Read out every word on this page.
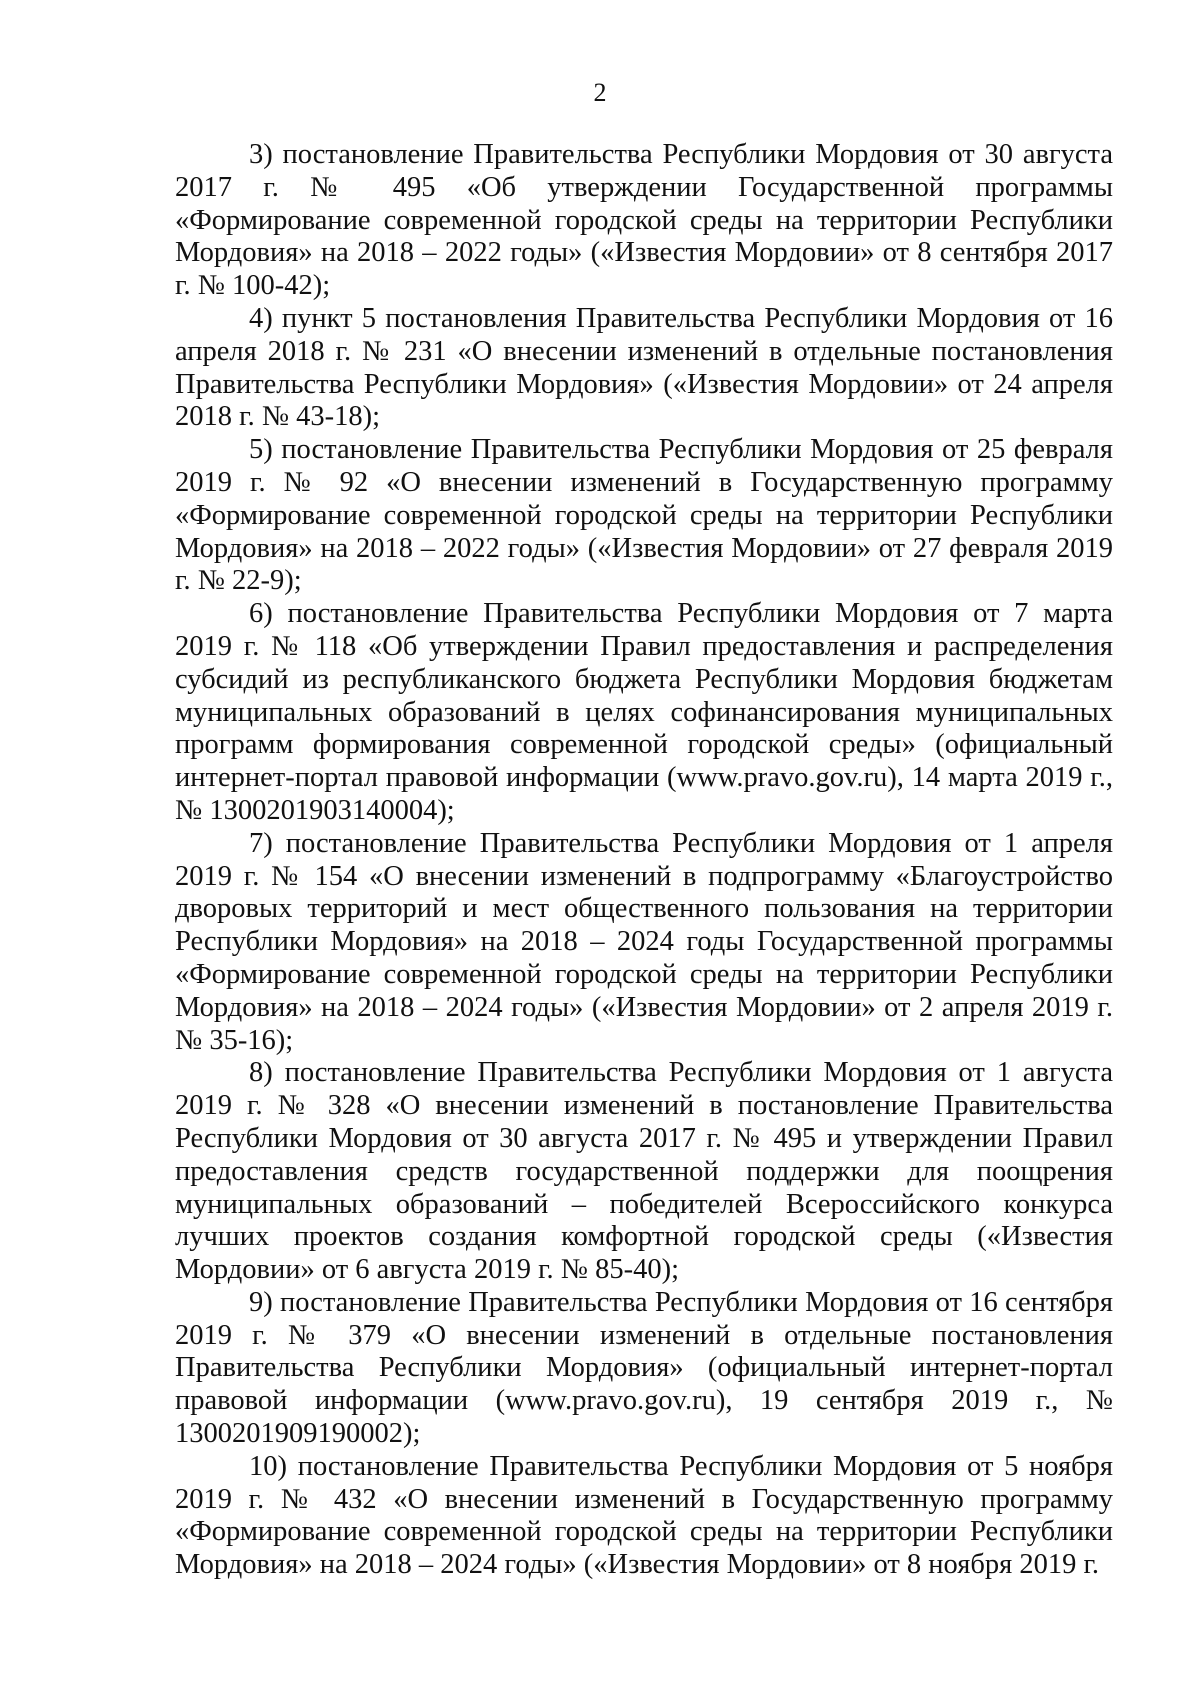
2

3) постановление Правительства Республики Мордовия от 30 августа 2017 г. № 495 «Об утверждении Государственной программы «Формирование современной городской среды на территории Республики Мордовия» на 2018 – 2022 годы» («Известия Мордовии» от 8 сентября 2017 г. № 100-42);

4) пункт 5 постановления Правительства Республики Мордовия от 16 апреля 2018 г. № 231 «О внесении изменений в отдельные постановления Правительства Республики Мордовия» («Известия Мордовии» от 24 апреля 2018 г. № 43-18);

5) постановление Правительства Республики Мордовия от 25 февраля 2019 г. № 92 «О внесении изменений в Государственную программу «Формирование современной городской среды на территории Республики Мордовия» на 2018 – 2022 годы» («Известия Мордовии» от 27 февраля 2019 г. № 22-9);

6) постановление Правительства Республики Мордовия от 7 марта 2019 г. № 118 «Об утверждении Правил предоставления и распределения субсидий из республиканского бюджета Республики Мордовия бюджетам муниципальных образований в целях софинансирования муниципальных программ формирования современной городской среды» (официальный интернет-портал правовой информации (www.pravo.gov.ru), 14 марта 2019 г., № 1300201903140004);

7) постановление Правительства Республики Мордовия от 1 апреля 2019 г. № 154 «О внесении изменений в подпрограмму «Благоустройство дворовых территорий и мест общественного пользования на территории Республики Мордовия» на 2018 – 2024 годы Государственной программы «Формирование современной городской среды на территории Республики Мордовия» на 2018 – 2024 годы» («Известия Мордовии» от 2 апреля 2019 г. № 35-16);

8) постановление Правительства Республики Мордовия от 1 августа 2019 г. № 328 «О внесении изменений в постановление Правительства Республики Мордовия от 30 августа 2017 г. № 495 и утверждении Правил предоставления средств государственной поддержки для поощрения муниципальных образований – победителей Всероссийского конкурса лучших проектов создания комфортной городской среды («Известия Мордовии» от 6 августа 2019 г. № 85-40);

9) постановление Правительства Республики Мордовия от 16 сентября 2019 г. № 379 «О внесении изменений в отдельные постановления Правительства Республики Мордовия» (официальный интернет-портал правовой информации (www.pravo.gov.ru), 19 сентября 2019 г., № 1300201909190002);

10) постановление Правительства Республики Мордовия от 5 ноября 2019 г. № 432 «О внесении изменений в Государственную программу «Формирование современной городской среды на территории Республики Мордовия» на 2018 – 2024 годы» («Известия Мордовии» от 8 ноября 2019 г.
